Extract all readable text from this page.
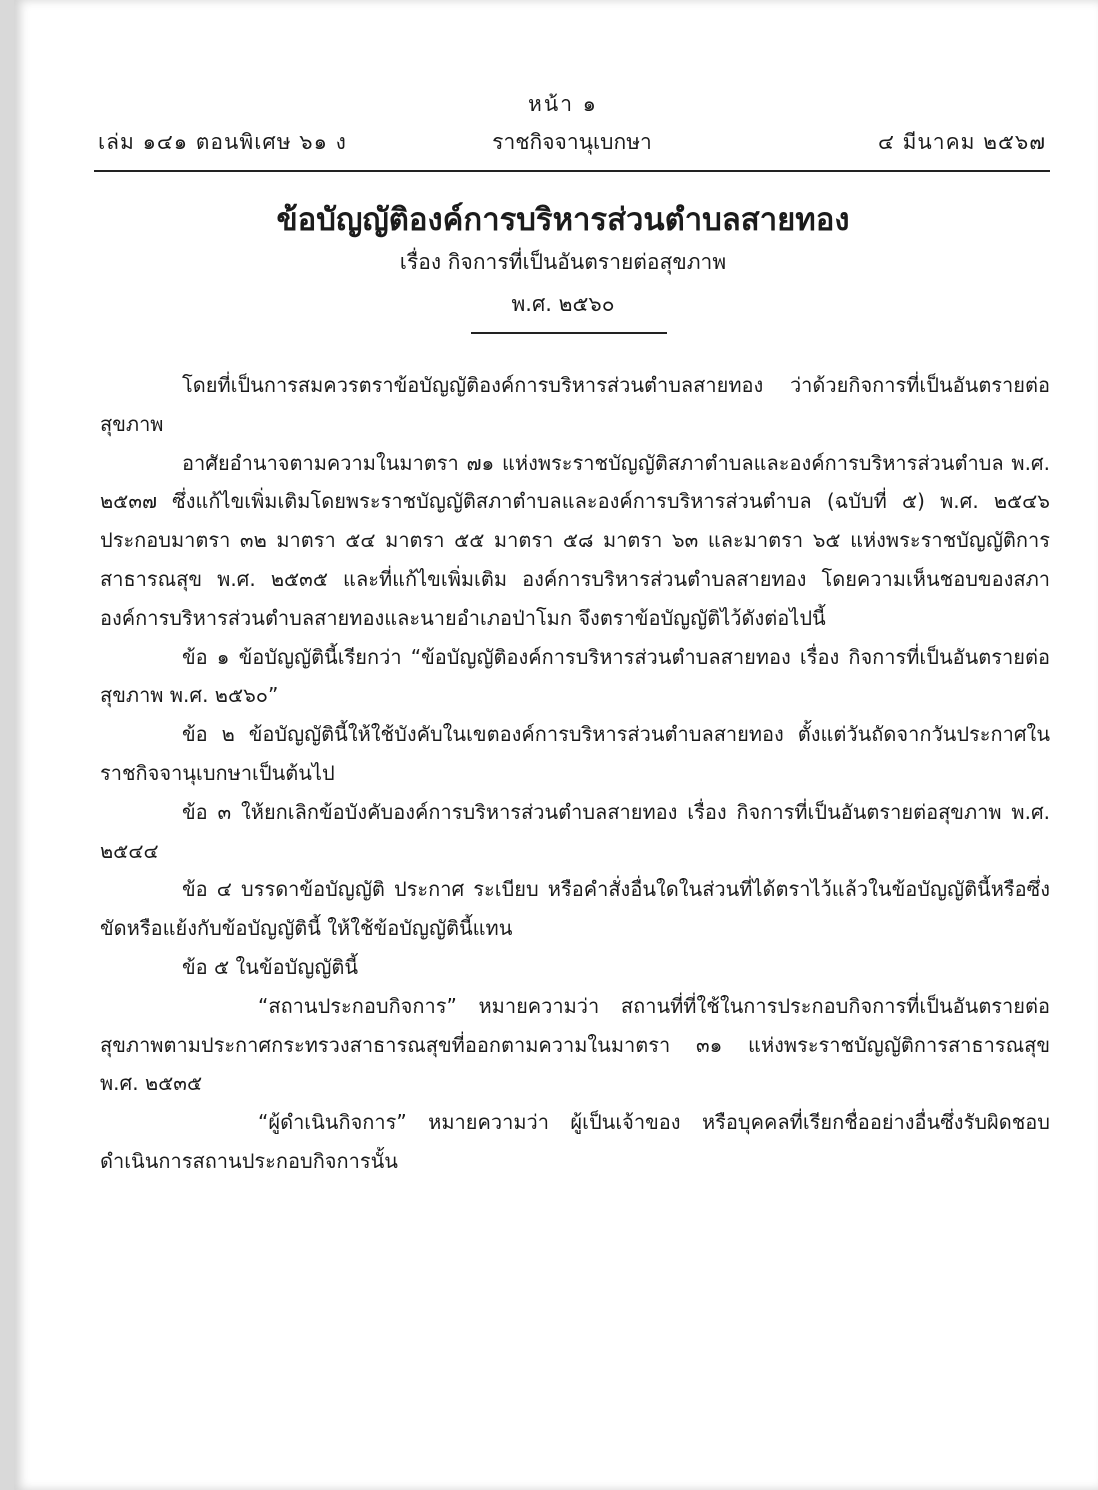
หน้า ๑
เล่ม ๑๔๑ ตอนพิเศษ ๖๑ ง	ราชกิจจานุเบกษา	๔ มีนาคม ๒๕๖๗
ข้อบัญญัติองค์การบริหารส่วนตำบลสายทอง
เรื่อง กิจการที่เป็นอันตรายต่อสุขภาพ
พ.ศ. ๒๕๖๐

โดยที่เป็นการสมควรตราข้อบัญญัติองค์การบริหารส่วนตำบลสายทอง ว่าด้วยกิจการที่เป็นอันตรายต่อสุขภาพ

อาศัยอำนาจตามความในมาตรา ๗๑ แห่งพระราชบัญญัติสภาตำบลและองค์การบริหารส่วนตำบล พ.ศ. ๒๕๓๗ ซึ่งแก้ไขเพิ่มเติมโดยพระราชบัญญัติสภาตำบลและองค์การบริหารส่วนตำบล (ฉบับที่ ๕) พ.ศ. ๒๕๔๖ ประกอบมาตรา ๓๒ มาตรา ๕๔ มาตรา ๕๕ มาตรา ๕๘ มาตรา ๖๓ และมาตรา ๖๕ แห่งพระราชบัญญัติการสาธารณสุข พ.ศ. ๒๕๓๕ และที่แก้ไขเพิ่มเติม องค์การบริหารส่วนตำบลสายทอง โดยความเห็นชอบของสภาองค์การบริหารส่วนตำบลสายทองและนายอำเภอป่าโมก จึงตราข้อบัญญัติไว้ดังต่อไปนี้

ข้อ ๑ ข้อบัญญัตินี้เรียกว่า “ข้อบัญญัติองค์การบริหารส่วนตำบลสายทอง เรื่อง กิจการที่เป็นอันตรายต่อสุขภาพ พ.ศ. ๒๕๖๐”

ข้อ ๒ ข้อบัญญัตินี้ให้ใช้บังคับในเขตองค์การบริหารส่วนตำบลสายทอง ตั้งแต่วันถัดจากวันประกาศในราชกิจจานุเบกษาเป็นต้นไป

ข้อ ๓ ให้ยกเลิกข้อบังคับองค์การบริหารส่วนตำบลสายทอง เรื่อง กิจการที่เป็นอันตรายต่อสุขภาพ พ.ศ. ๒๕๔๔

ข้อ ๔ บรรดาข้อบัญญัติ ประกาศ ระเบียบ หรือคำสั่งอื่นใดในส่วนที่ได้ตราไว้แล้วในข้อบัญญัตินี้หรือซึ่งขัดหรือแย้งกับข้อบัญญัตินี้ ให้ใช้ข้อบัญญัตินี้แทน

ข้อ ๕ ในข้อบัญญัตินี้

“สถานประกอบกิจการ” หมายความว่า สถานที่ที่ใช้ในการประกอบกิจการที่เป็นอันตรายต่อสุขภาพตามประกาศกระทรวงสาธารณสุขที่ออกตามความในมาตรา ๓๑ แห่งพระราชบัญญัติการสาธารณสุข พ.ศ. ๒๕๓๕

“ผู้ดำเนินกิจการ” หมายความว่า ผู้เป็นเจ้าของ หรือบุคคลที่เรียกชื่ออย่างอื่นซึ่งรับผิดชอบดำเนินการสถานประกอบกิจการนั้น
